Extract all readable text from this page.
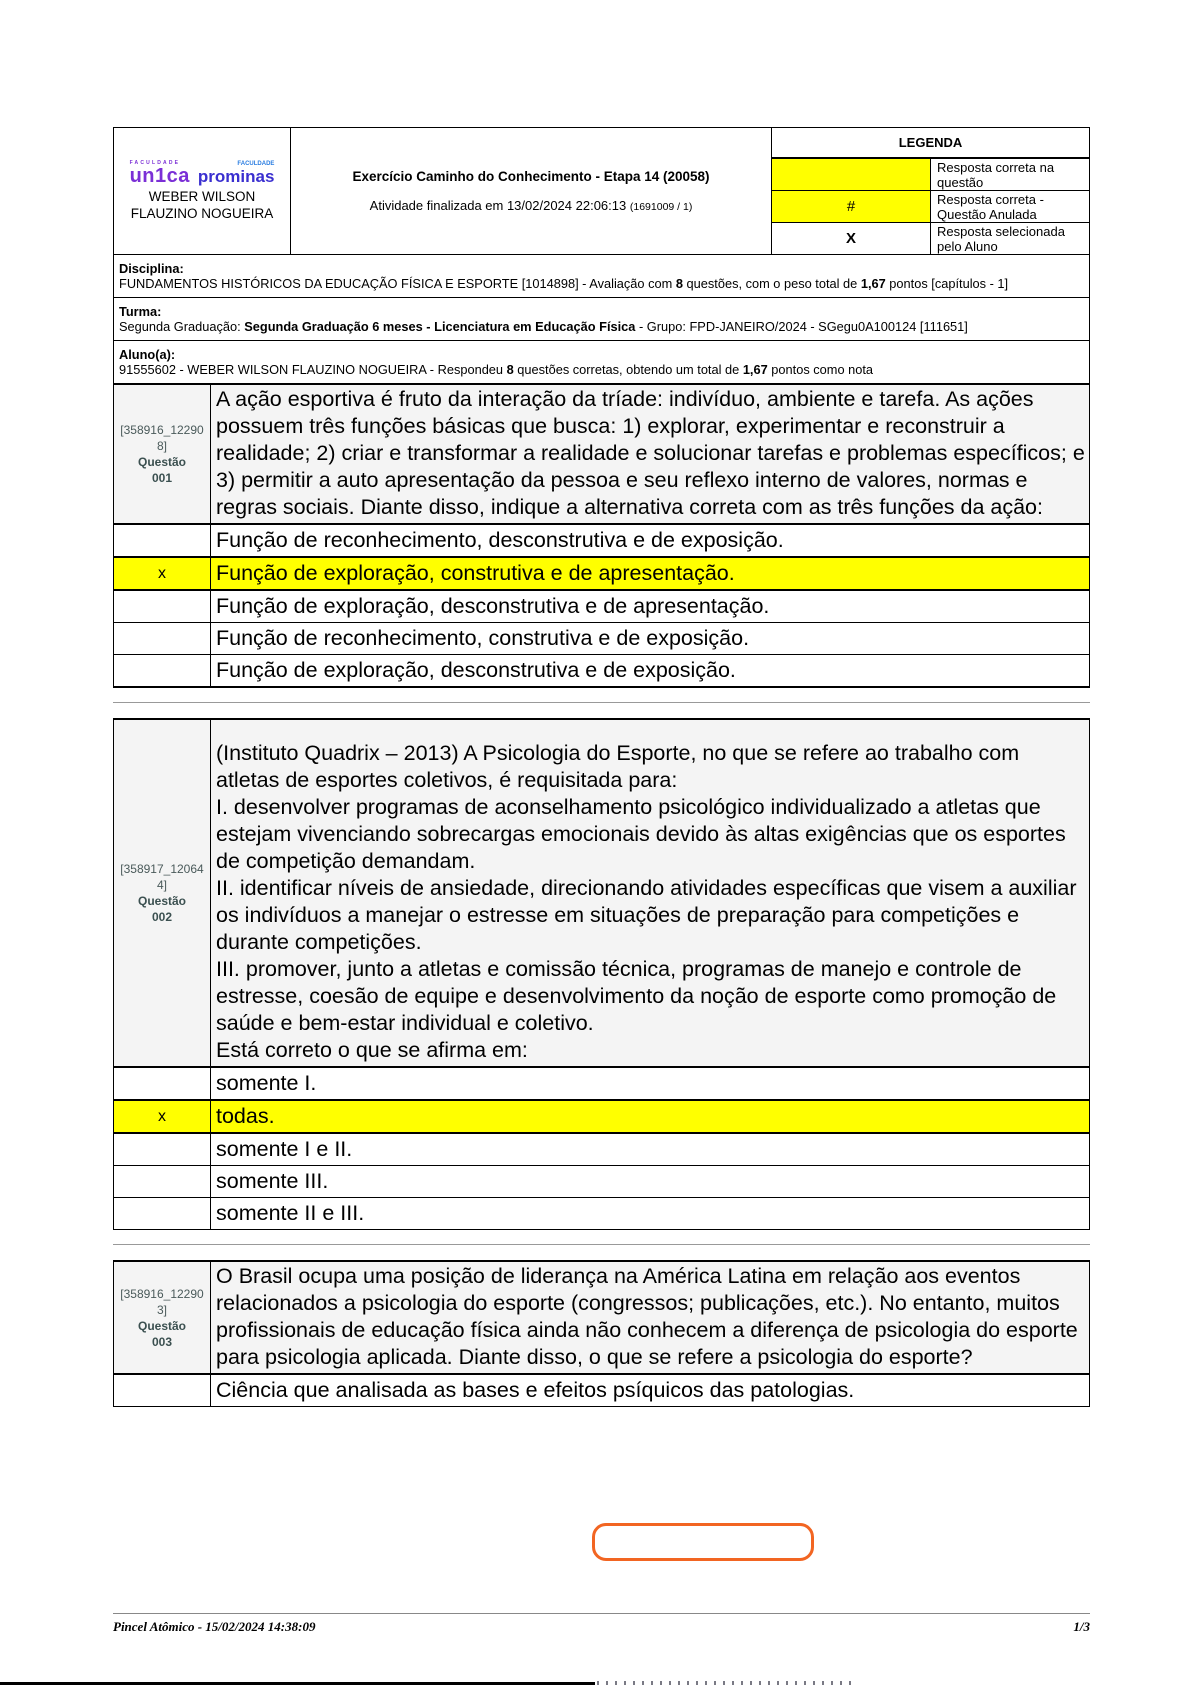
FACULDADE
un1ca
FACULDADE
prominas
WEBER WILSON FLAUZINO NOGUEIRA

Exercício Caminho do Conhecimento - Etapa 14 (20058)
Atividade finalizada em 13/02/2024 22:06:13 (1691009 / 1)

LEGENDA
	Resposta correta na questão
#	Resposta correta - Questão Anulada
X	Resposta selecionada pelo Aluno
Disciplina:
FUNDAMENTOS HISTÓRICOS DA EDUCAÇÃO FÍSICA E ESPORTE [1014898] - Avaliação com 8 questões, com o peso total de 1,67 pontos [capítulos - 1]

Turma:
Segunda Graduação: Segunda Graduação 6 meses - Licenciatura em Educação Física - Grupo: FPD-JANEIRO/2024 - SGegu0A100124 [111651]

Aluno(a):
91555602 - WEBER WILSON FLAUZINO NOGUEIRA - Respondeu 8 questões corretas, obtendo um total de 1,67 pontos como nota
[358916_122908]
Questão
001
	A ação esportiva é fruto da interação da tríade: indivíduo, ambiente e tarefa. As ações possuem três funções básicas que busca: 1) explorar, experimentar e reconstruir a realidade; 2) criar e transformar a realidade e solucionar tarefas e problemas específicos; e 3) permitir a auto apresentação da pessoa e seu reflexo interno de valores, normas e regras sociais. Diante disso, indique a alternativa correta com as três funções da ação:
	Função de reconhecimento, desconstrutiva e de exposição.
x	Função de exploração, construtiva e de apresentação.
	Função de exploração, desconstrutiva e de apresentação.
	Função de reconhecimento, construtiva e de exposição.
	Função de exploração, desconstrutiva e de exposição.
[358917_120644]
Questão
002

(Instituto Quadrix – 2013) A Psicologia do Esporte, no que se refere ao trabalho com atletas de esportes coletivos, é requisitada para:
I. desenvolver programas de aconselhamento psicológico individualizado a atletas que estejam vivenciando sobrecargas emocionais devido às altas exigências que os esportes de competição demandam.
II. identificar níveis de ansiedade, direcionando atividades específicas que visem a auxiliar os indivíduos a manejar o estresse em situações de preparação para competições e durante competições.
III. promover, junto a atletas e comissão técnica, programas de manejo e controle de estresse, coesão de equipe e desenvolvimento da noção de esporte como promoção de saúde e bem-estar individual e coletivo.
Está correto o que se afirma em:

	somente I.
x	todas.
	somente I e II.
	somente III.
	somente II e III.
[358916_122903]
Questão
003
	O Brasil ocupa uma posição de liderança na América Latina em relação aos eventos relacionados a psicologia do esporte (congressos; publicações, etc.). No entanto, muitos profissionais de educação física ainda não conhecem a diferença de psicologia do esporte para psicologia aplicada. Diante disso, o que se refere a psicologia do esporte?
	Ciência que analisada as bases e efeitos psíquicos das patologias.
Pincel Atômico - 15/02/2024 14:38:09	1/3
